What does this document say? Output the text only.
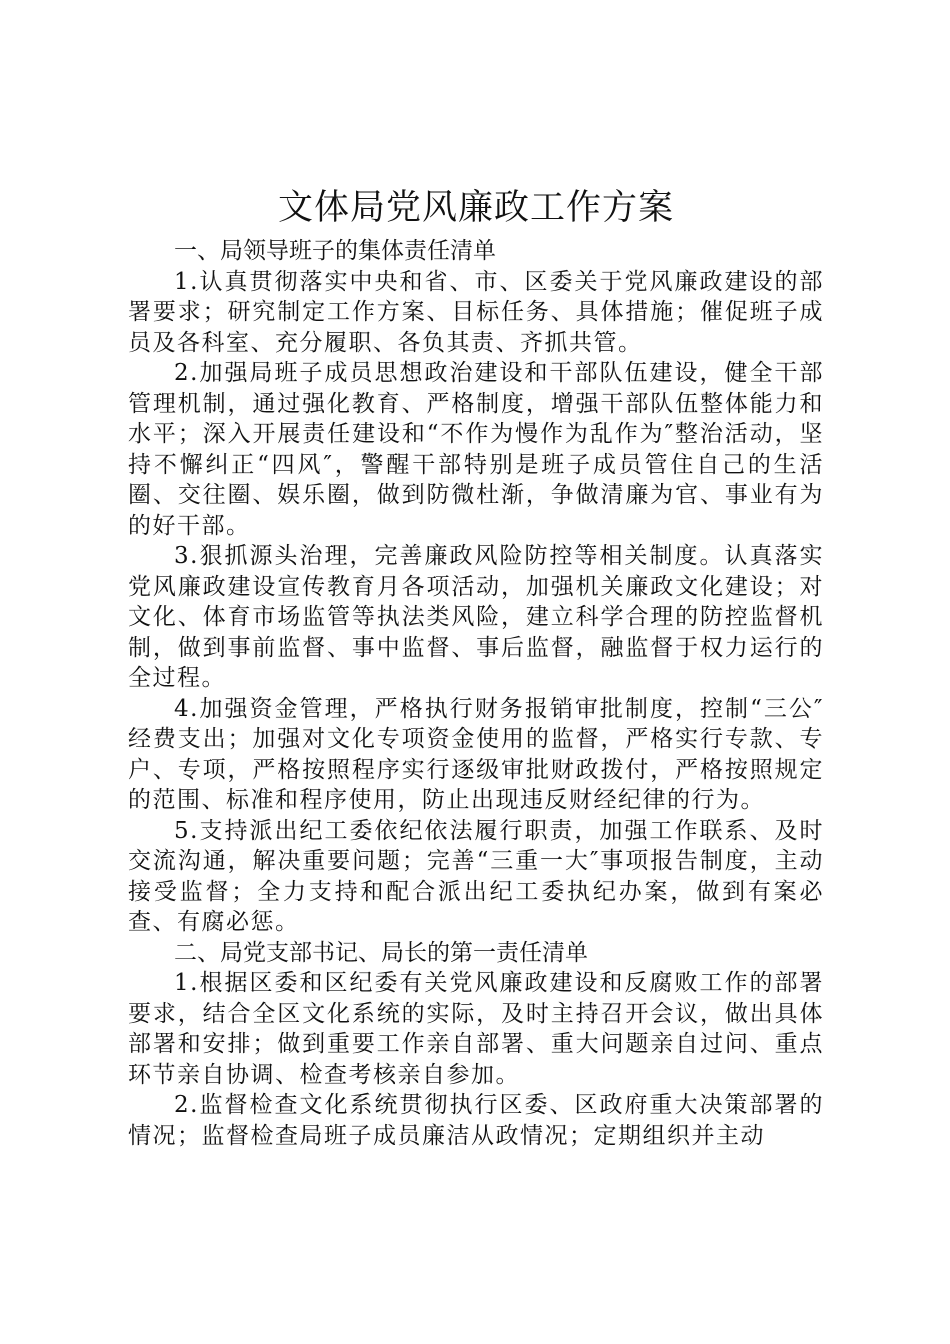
文体局党风廉政工作方案

一、局领导班子的集体责任清单

1.认真贯彻落实中央和省、市、区委关于党风廉政建设的部署要求；研究制定工作方案、目标任务、具体措施；催促班子成员及各科室、充分履职、各负其责、齐抓共管。

2.加强局班子成员思想政治建设和干部队伍建设，健全干部管理机制，通过强化教育、严格制度，增强干部队伍整体能力和水平；深入开展责任建设和“不作为慢作为乱作为″整治活动，坚持不懈纠正“四风″，警醒干部特别是班子成员管住自己的生活圈、交往圈、娱乐圈，做到防微杜渐，争做清廉为官、事业有为的好干部。

3.狠抓源头治理，完善廉政风险防控等相关制度。认真落实党风廉政建设宣传教育月各项活动，加强机关廉政文化建设；对文化、体育市场监管等执法类风险，建立科学合理的防控监督机制，做到事前监督、事中监督、事后监督，融监督于权力运行的全过程。

4.加强资金管理，严格执行财务报销审批制度，控制“三公″经费支出；加强对文化专项资金使用的监督，严格实行专款、专户、专项，严格按照程序实行逐级审批财政拨付，严格按照规定的范围、标准和程序使用，防止出现违反财经纪律的行为。

5.支持派出纪工委依纪依法履行职责，加强工作联系、及时交流沟通，解决重要问题；完善“三重一大″事项报告制度，主动接受监督；全力支持和配合派出纪工委执纪办案，做到有案必查、有腐必惩。

二、局党支部书记、局长的第一责任清单

1.根据区委和区纪委有关党风廉政建设和反腐败工作的部署要求，结合全区文化系统的实际，及时主持召开会议，做出具体部署和安排；做到重要工作亲自部署、重大问题亲自过问、重点环节亲自协调、检查考核亲自参加。

2.监督检查文化系统贯彻执行区委、区政府重大决策部署的情况；监督检查局班子成员廉洁从政情况；定期组织并主动
